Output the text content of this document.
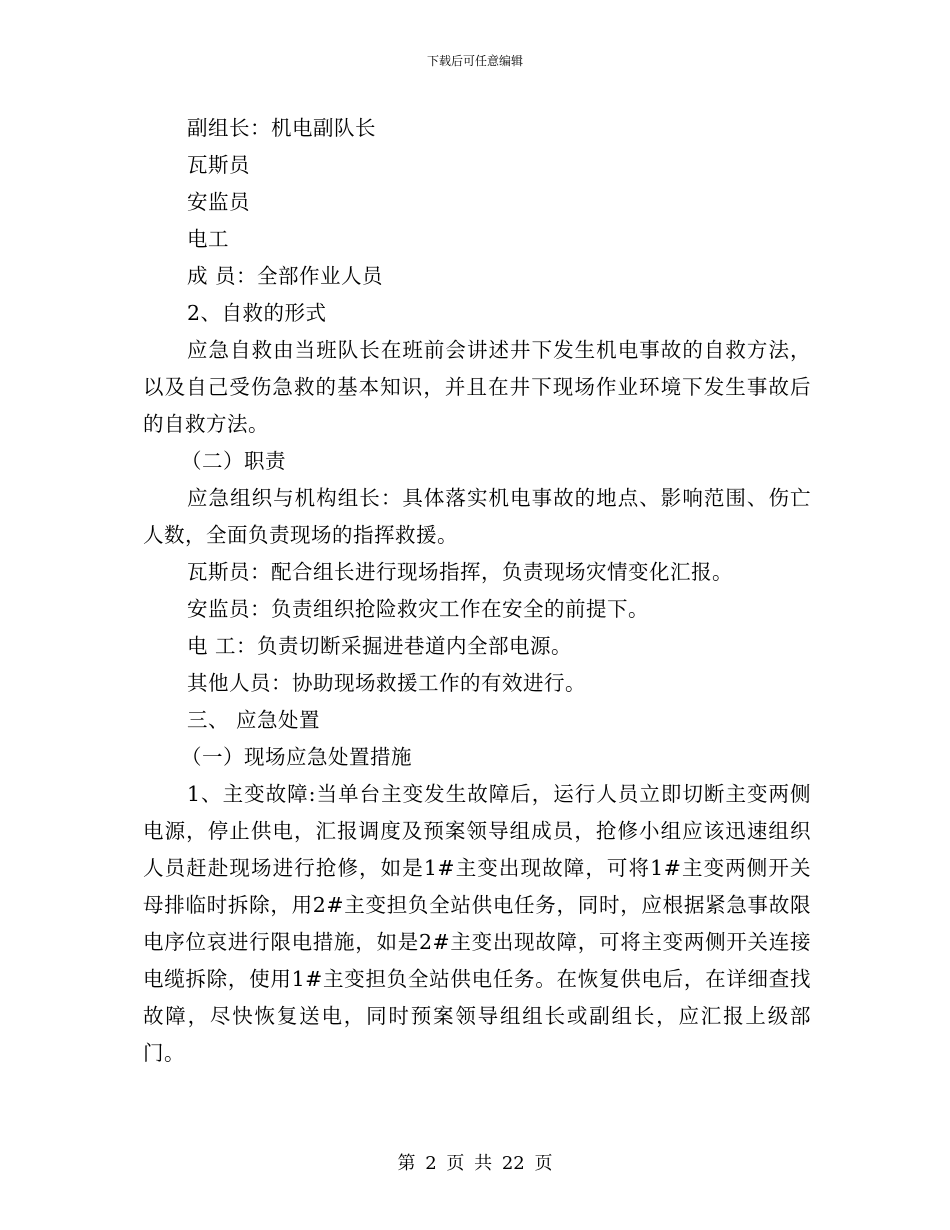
下载后可任意编辑

副组长：机电副队长

瓦斯员

安监员

电工

成 员：全部作业人员

2、自救的形式

应急自救由当班队长在班前会讲述井下发生机电事故的自救方法，以及自己受伤急救的基本知识，并且在井下现场作业环境下发生事故后的自救方法。

（二）职责

应急组织与机构组长：具体落实机电事故的地点、影响范围、伤亡人数，全面负责现场的指挥救援。

瓦斯员：配合组长进行现场指挥，负责现场灾情变化汇报。

安监员：负责组织抢险救灾工作在安全的前提下。

电 工：负责切断采掘进巷道内全部电源。

其他人员：协助现场救援工作的有效进行。

三、 应急处置

（一）现场应急处置措施

1、主变故障:当单台主变发生故障后，运行人员立即切断主变两侧电源，停止供电，汇报调度及预案领导组成员，抢修小组应该迅速组织人员赶赴现场进行抢修，如是1#主变出现故障，可将1#主变两侧开关母排临时拆除，用2#主变担负全站供电任务，同时，应根据紧急事故限电序位哀进行限电措施，如是2#主变出现故障，可将主变两侧开关连接电缆拆除，使用1#主变担负全站供电任务。在恢复供电后，在详细查找故障，尽快恢复送电，同时预案领导组组长或副组长，应汇报上级部门。

第 2 页 共 22 页
